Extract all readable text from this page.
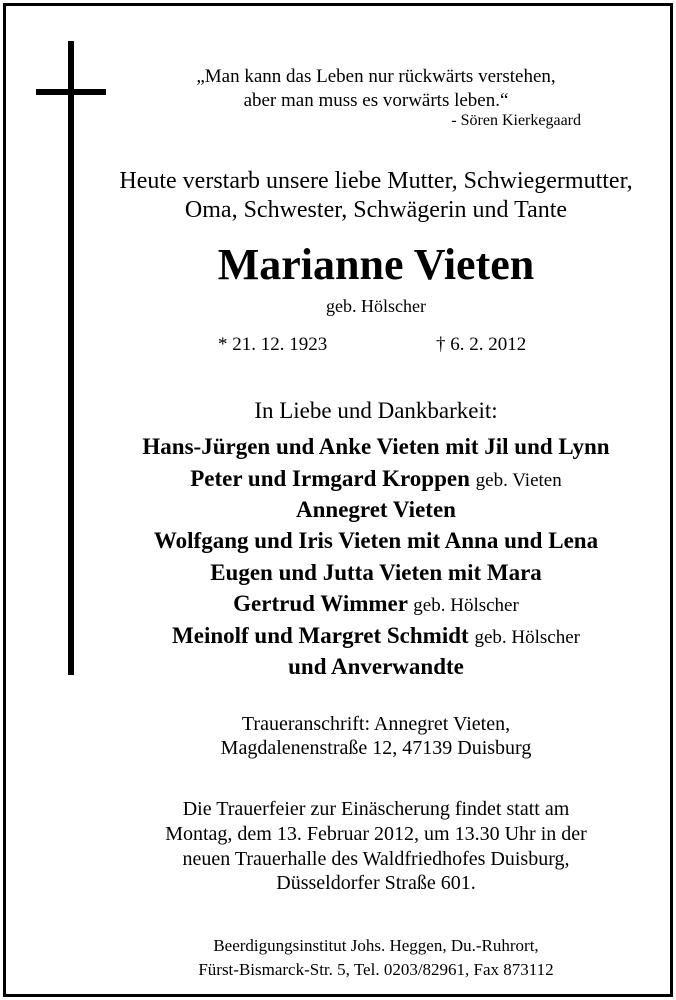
„Man kann das Leben nur rückwärts verstehen,
aber man muss es vorwärts leben.“
- Sören Kierkegaard
Heute verstarb unsere liebe Mutter, Schwiegermutter,
Oma, Schwester, Schwägerin und Tante
Marianne Vieten
geb. Hölscher
* 21. 12. 1923	† 6. 2. 2012
In Liebe und Dankbarkeit:
Hans-Jürgen und Anke Vieten mit Jil und Lynn
Peter und Irmgard Kroppen geb. Vieten
Annegret Vieten
Wolfgang und Iris Vieten mit Anna und Lena
Eugen und Jutta Vieten mit Mara
Gertrud Wimmer geb. Hölscher
Meinolf und Margret Schmidt geb. Hölscher
und Anverwandte
Traueranschrift: Annegret Vieten,
Magdalenenstraße 12, 47139 Duisburg
Die Trauerfeier zur Einäscherung findet statt am
Montag, dem 13. Februar 2012, um 13.30 Uhr in der
neuen Trauerhalle des Waldfriedhofes Duisburg,
Düsseldorfer Straße 601.
Beerdigungsinstitut Johs. Heggen, Du.-Ruhrort,
Fürst-Bismarck-Str. 5, Tel. 0203/82961, Fax 873112
